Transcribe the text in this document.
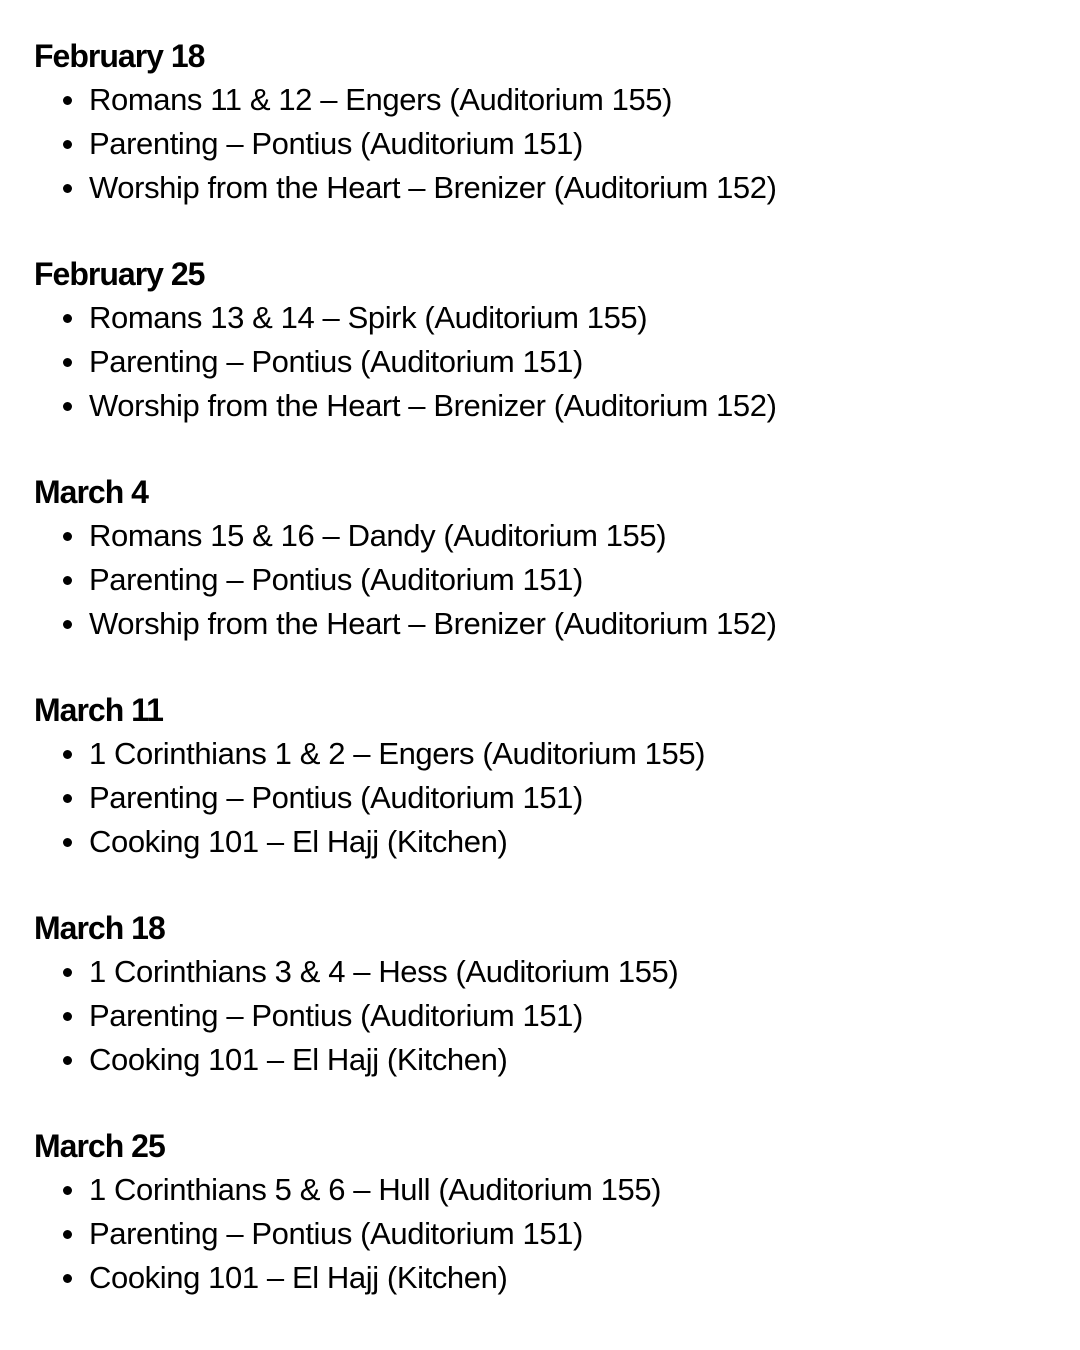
February 18
Romans 11 & 12 – Engers (Auditorium 155)
Parenting – Pontius (Auditorium 151)
Worship from the Heart – Brenizer (Auditorium 152)
February 25
Romans 13 & 14 – Spirk (Auditorium 155)
Parenting – Pontius (Auditorium 151)
Worship from the Heart – Brenizer (Auditorium 152)
March 4
Romans 15 & 16 – Dandy (Auditorium 155)
Parenting – Pontius (Auditorium 151)
Worship from the Heart – Brenizer (Auditorium 152)
March 11
1 Corinthians 1 & 2 – Engers (Auditorium 155)
Parenting – Pontius (Auditorium 151)
Cooking 101 – El Hajj (Kitchen)
March 18
1 Corinthians 3 & 4 – Hess (Auditorium 155)
Parenting – Pontius (Auditorium 151)
Cooking 101 – El Hajj (Kitchen)
March 25
1 Corinthians 5 & 6 – Hull (Auditorium 155)
Parenting – Pontius (Auditorium 151)
Cooking 101 – El Hajj (Kitchen)
